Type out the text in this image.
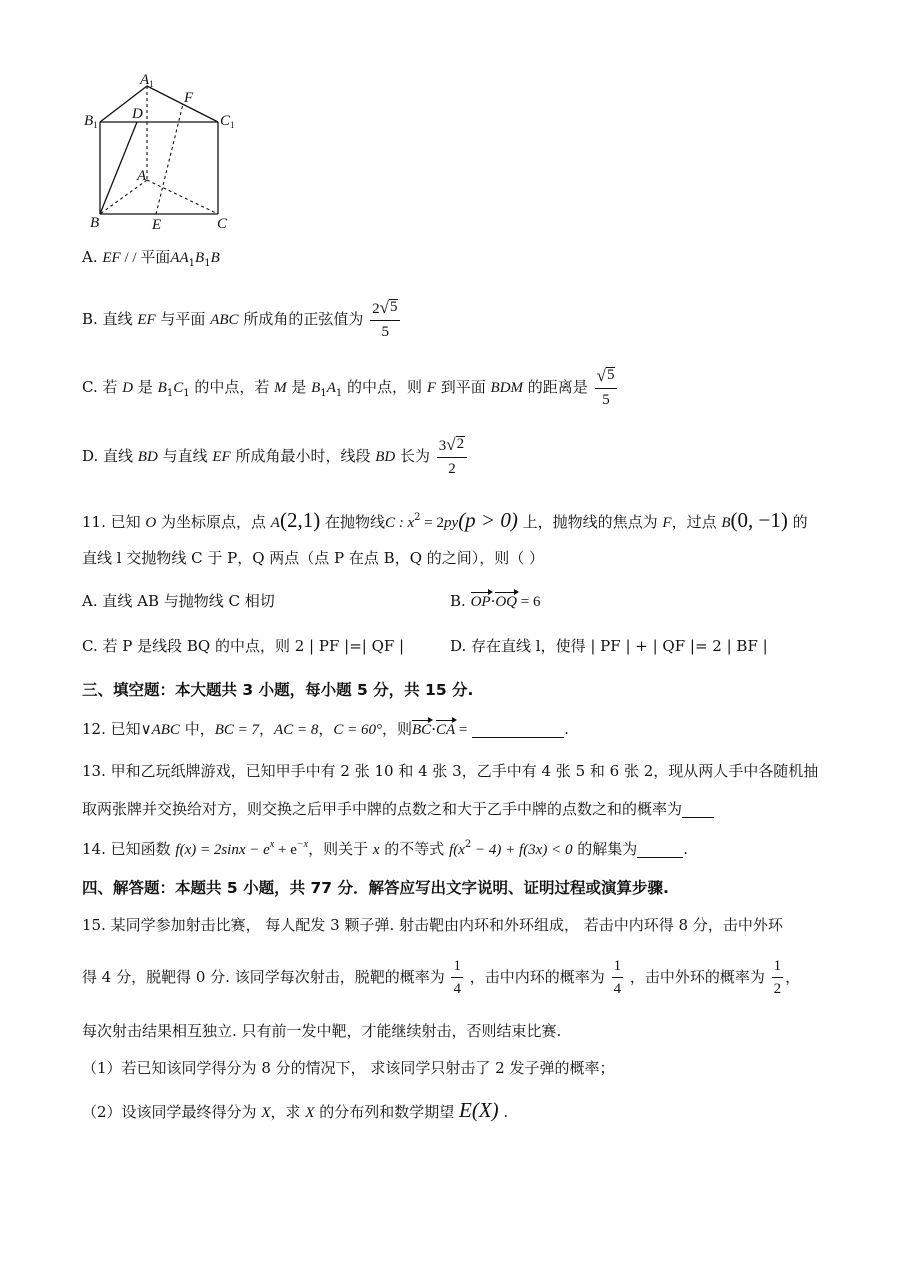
$A_1$
$B_1$	$C_1$
D
F
A
B	E	C
A. EF / / 平面$AA_1B_1B$
B. 直线 EF 与平面 ABC 所成角的正弦值为 $\frac{2 √ 5}{5}$
C. 若 D 是 $B_1C_1$ 的中点，若 M 是 $B_1A_1$ 的中点，则 F 到平面 BDM 的距离是 $\frac{√ 5}{5}$
D. 直线 BD 与直线 EF 所成角最小时，线段 BD 长为 $\frac{3 √ 2}{2}$
11. 已知 O 为坐标原点，点 A(2,1) 在抛物线C : $x^2 = 2py(p > 0)$ 上，抛物线的焦点为 F，过点 B(0, −1) 的
直线 l 交抛物线 C 于 P，Q 两点（点 P 在点 B，Q 的之间），则（ ）
A. 直线 AB 与抛物线 C 相切	B. OP·OQ = 6
C. 若 P 是线段 BQ 的中点，则 2 | PF |=| QF |	D. 存在直线 l，使得 | PF | + | QF |= 2 | BF |
三、填空题：本大题共 3 小题，每小题 5 分，共 15 分.
12. 已知∨ABC 中，BC = 7，AC = 8，C = 60°，则BC·CA =	.
13. 甲和乙玩纸牌游戏，已知甲手中有 2 张 10 和 4 张 3，乙手中有 4 张 5 和 6 张 2，现从两人手中各随机抽
取两张牌并交换给对方，则交换之后甲手中牌的点数之和大于乙手中牌的点数之和的概率为
14. 已知函数 $f(x) = 2\sin x - e^x + e^{-x}$，则关于 x 的不等式 $f(x^2 - 4) + f(3x) < 0$ 的解集为	.
四、解答题：本题共 5 小题，共 77 分．解答应写出文字说明、证明过程或演算步骤.
15. 某同学参加射击比赛， 每人配发 3 颗子弹. 射击靶由内环和外环组成， 若击中内环得 8 分，击中外环
得 4 分，脱靶得 0 分. 该同学每次射击，脱靶的概率为 $\frac{1}{4}$ ，击中内环的概率为 $\frac{1}{4}$ ，击中外环的概率为 $\frac{1}{2}$ ，
每次射击结果相互独立. 只有前一发中靶，才能继续射击，否则结束比赛.
（1）若已知该同学得分为 8 分的情况下， 求该同学只射击了 2 发子弹的概率；
（2）设该同学最终得分为 X，求 X 的分布列和数学期望 E(X) .
